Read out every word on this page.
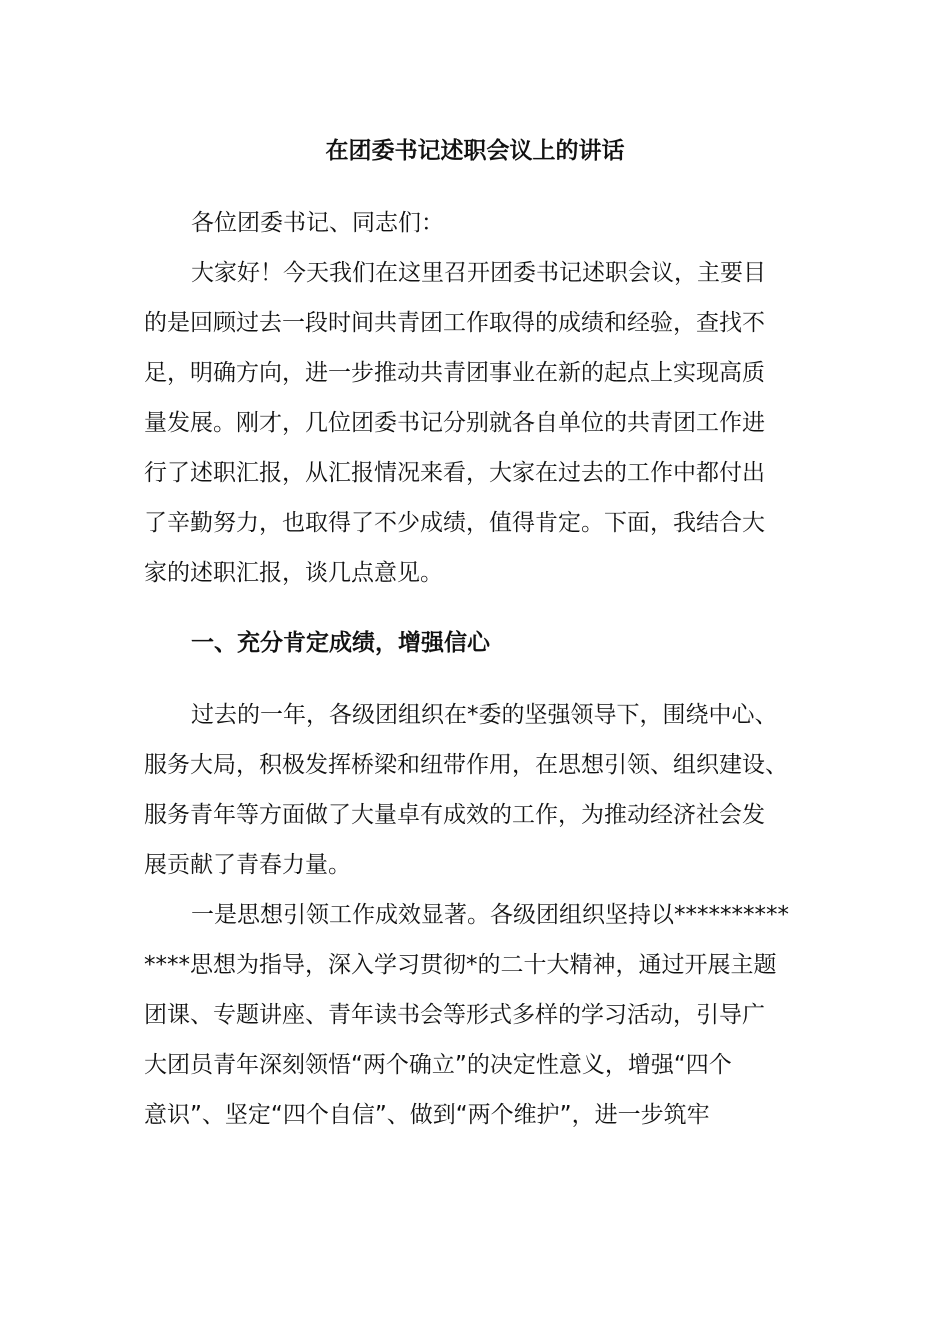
在团委书记述职会议上的讲话
各位团委书记、同志们：
大家好！今天我们在这里召开团委书记述职会议，主要目
的是回顾过去一段时间共青团工作取得的成绩和经验，查找不
足，明确方向，进一步推动共青团事业在新的起点上实现高质
量发展。刚才，几位团委书记分别就各自单位的共青团工作进
行了述职汇报，从汇报情况来看，大家在过去的工作中都付出
了辛勤努力，也取得了不少成绩，值得肯定。下面，我结合大
家的述职汇报，谈几点意见。
一、充分肯定成绩，增强信心
过去的一年，各级团组织在*委的坚强领导下，围绕中心、
服务大局，积极发挥桥梁和纽带作用，在思想引领、组织建设、
服务青年等方面做了大量卓有成效的工作，为推动经济社会发
展贡献了青春力量。
一是思想引领工作成效显著。各级团组织坚持以**********
****思想为指导，深入学习贯彻*的二十大精神，通过开展主题
团课、专题讲座、青年读书会等形式多样的学习活动，引导广
大团员青年深刻领悟“两个确立”的决定性意义，增强“四个
意识”、坚定“四个自信”、做到“两个维护”，进一步筑牢
